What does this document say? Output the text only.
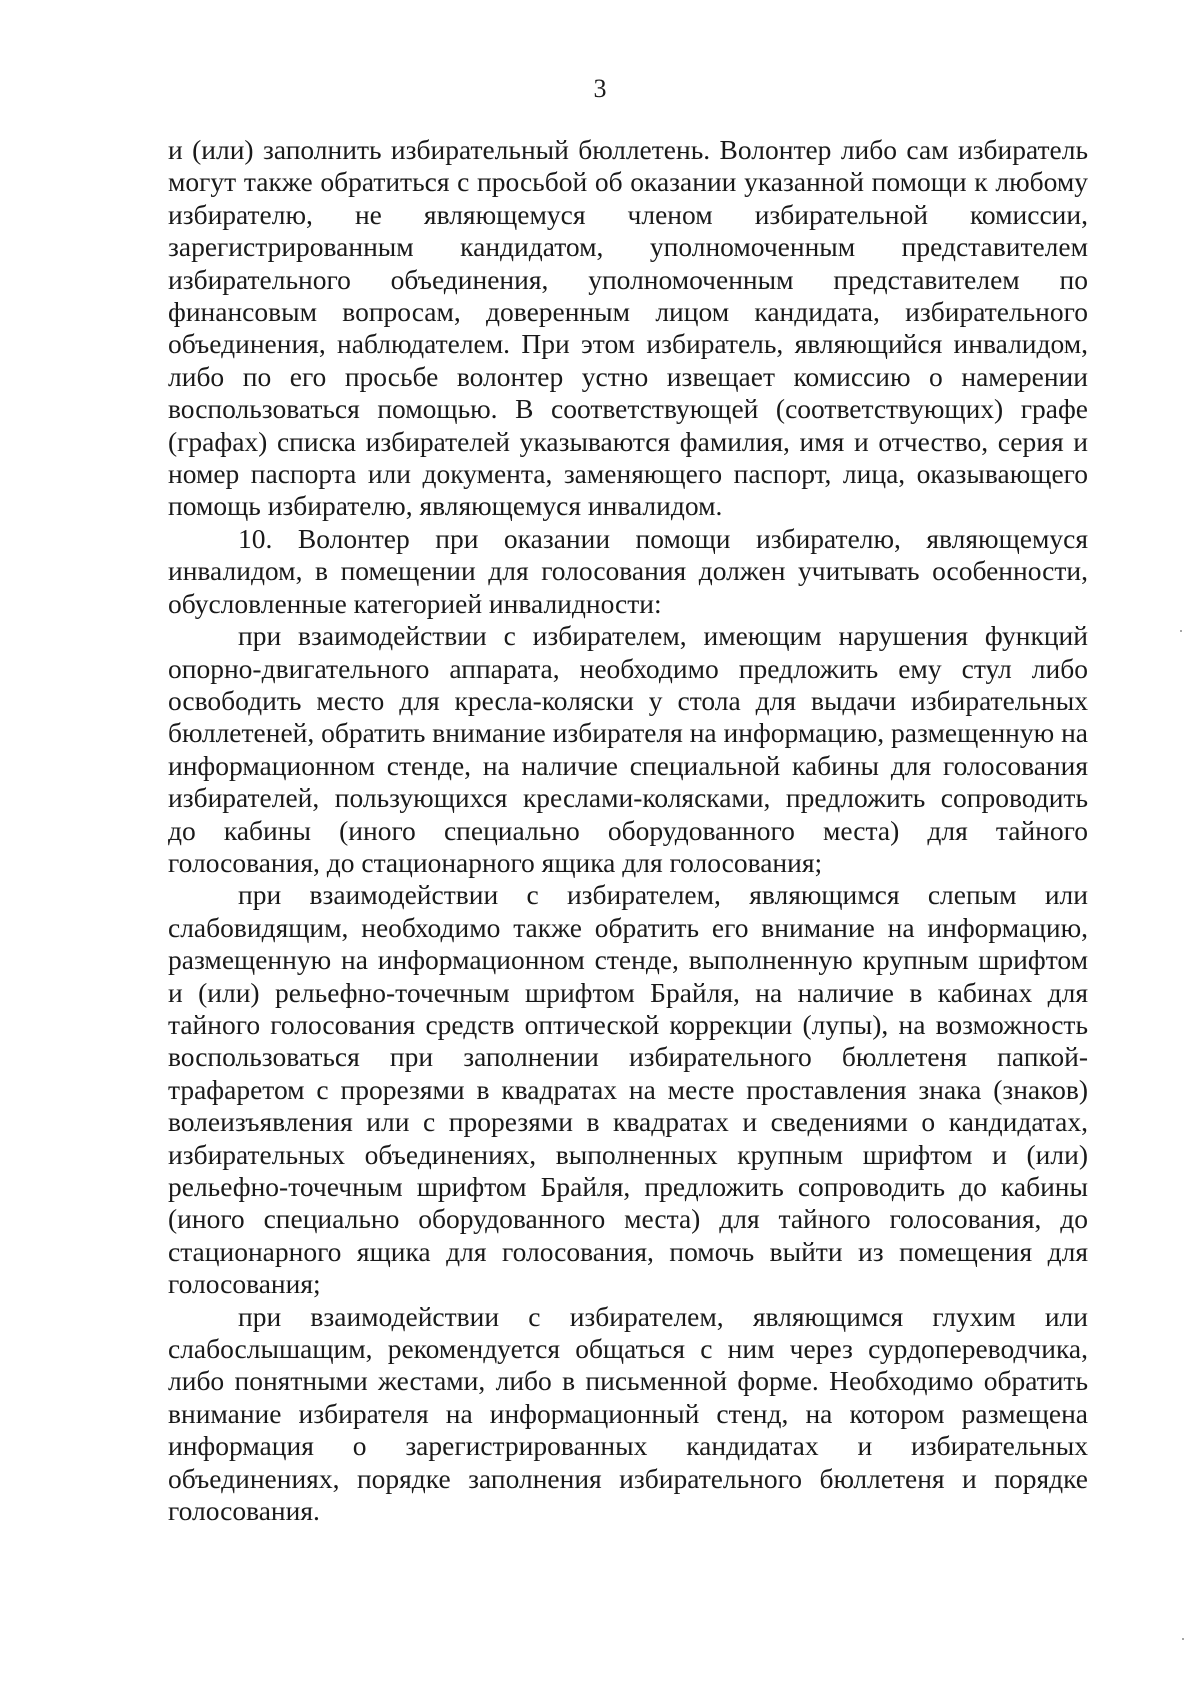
3

и (или) заполнить избирательный бюллетень. Волонтер либо сам избиратель могут также обратиться с просьбой об оказании указанной помощи к любому избирателю, не являющемуся членом избирательной комиссии, зарегистрированным кандидатом, уполномоченным представителем избирательного объединения, уполномоченным представителем по финансовым вопросам, доверенным лицом кандидата, избирательного объединения, наблюдателем. При этом избиратель, являющийся инвалидом, либо по его просьбе волонтер устно извещает комиссию о намерении воспользоваться помощью. В соответствующей (соответствующих) графе (графах) списка избирателей указываются фамилия, имя и отчество, серия и номер паспорта или документа, заменяющего паспорт, лица, оказывающего помощь избирателю, являющемуся инвалидом.

10. Волонтер при оказании помощи избирателю, являющемуся инвалидом, в помещении для голосования должен учитывать особенности, обусловленные категорией инвалидности:

при взаимодействии с избирателем, имеющим нарушения функций опорно-двигательного аппарата, необходимо предложить ему стул либо освободить место для кресла-коляски у стола для выдачи избирательных бюллетеней, обратить внимание избирателя на информацию, размещенную на информационном стенде, на наличие специальной кабины для голосования избирателей, пользующихся креслами-колясками, предложить сопроводить до кабины (иного специально оборудованного места) для тайного голосования, до стационарного ящика для голосования;

при взаимодействии с избирателем, являющимся слепым или слабовидящим, необходимо также обратить его внимание на информацию, размещенную на информационном стенде, выполненную крупным шрифтом и (или) рельефно-точечным шрифтом Брайля, на наличие в кабинах для тайного голосования средств оптической коррекции (лупы), на возможность воспользоваться при заполнении избирательного бюллетеня папкой-трафаретом с прорезями в квадратах на месте проставления знака (знаков) волеизъявления или с прорезями в квадратах и сведениями о кандидатах, избирательных объединениях, выполненных крупным шрифтом и (или) рельефно-точечным шрифтом Брайля, предложить сопроводить до кабины (иного специально оборудованного места) для тайного голосования, до стационарного ящика для голосования, помочь выйти из помещения для голосования;

при взаимодействии с избирателем, являющимся глухим или слабослышащим, рекомендуется общаться с ним через сурдопереводчика, либо понятными жестами, либо в письменной форме. Необходимо обратить внимание избирателя на информационный стенд, на котором размещена информация о зарегистрированных кандидатах и избирательных объединениях, порядке заполнения избирательного бюллетеня и порядке голосования.
